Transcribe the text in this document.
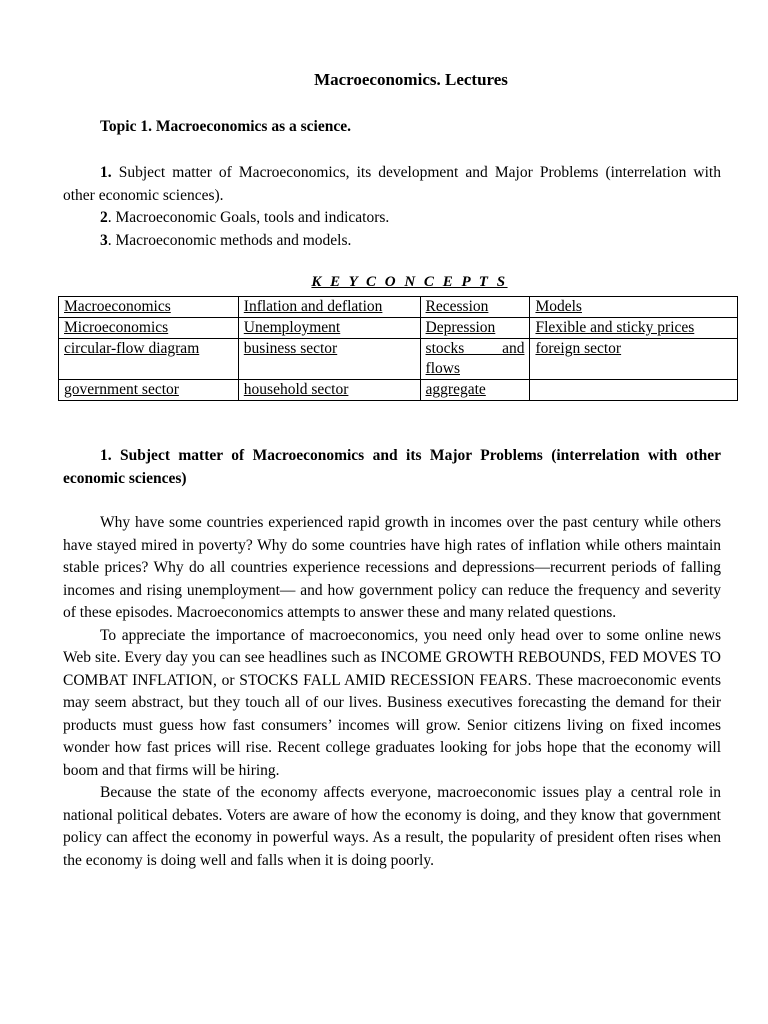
Macroeconomics. Lectures
Topic 1. Macroeconomics as a science.

1. Subject matter of Macroeconomics, its development and Major Problems (interrelation with other economic sciences).

2. Macroeconomic Goals, tools and indicators.

3. Macroeconomic methods and models.

K E Y C O N C E P T S
Macroeconomics	Inflation and deflation	Recession	Models
Microeconomics	Unemployment	Depression	Flexible and sticky prices
circular-flow diagram	business sector	stocks and flows	foreign sector
government sector	household sector	aggregate	
1. Subject matter of Macroeconomics and its Major Problems (interrelation with other economic sciences)

Why have some countries experienced rapid growth in incomes over the past century while others have stayed mired in poverty? Why do some countries have high rates of inflation while others maintain stable prices? Why do all countries experience recessions and depressions—recurrent periods of falling incomes and rising unemployment— and how government policy can reduce the frequency and severity of these episodes. Macroeconomics attempts to answer these and many related questions.

To appreciate the importance of macroeconomics, you need only head over to some online news Web site. Every day you can see headlines such as INCOME GROWTH REBOUNDS, FED MOVES TO COMBAT INFLATION, or STOCKS FALL AMID RECESSION FEARS. These macroeconomic events may seem abstract, but they touch all of our lives. Business executives forecasting the demand for their products must guess how fast consumers’ incomes will grow. Senior citizens living on fixed incomes wonder how fast prices will rise. Recent college graduates looking for jobs hope that the economy will boom and that firms will be hiring.

Because the state of the economy affects everyone, macroeconomic issues play a central role in national political debates. Voters are aware of how the economy is doing, and they know that government policy can affect the economy in powerful ways. As a result, the popularity of president often rises when the economy is doing well and falls when it is doing poorly.
